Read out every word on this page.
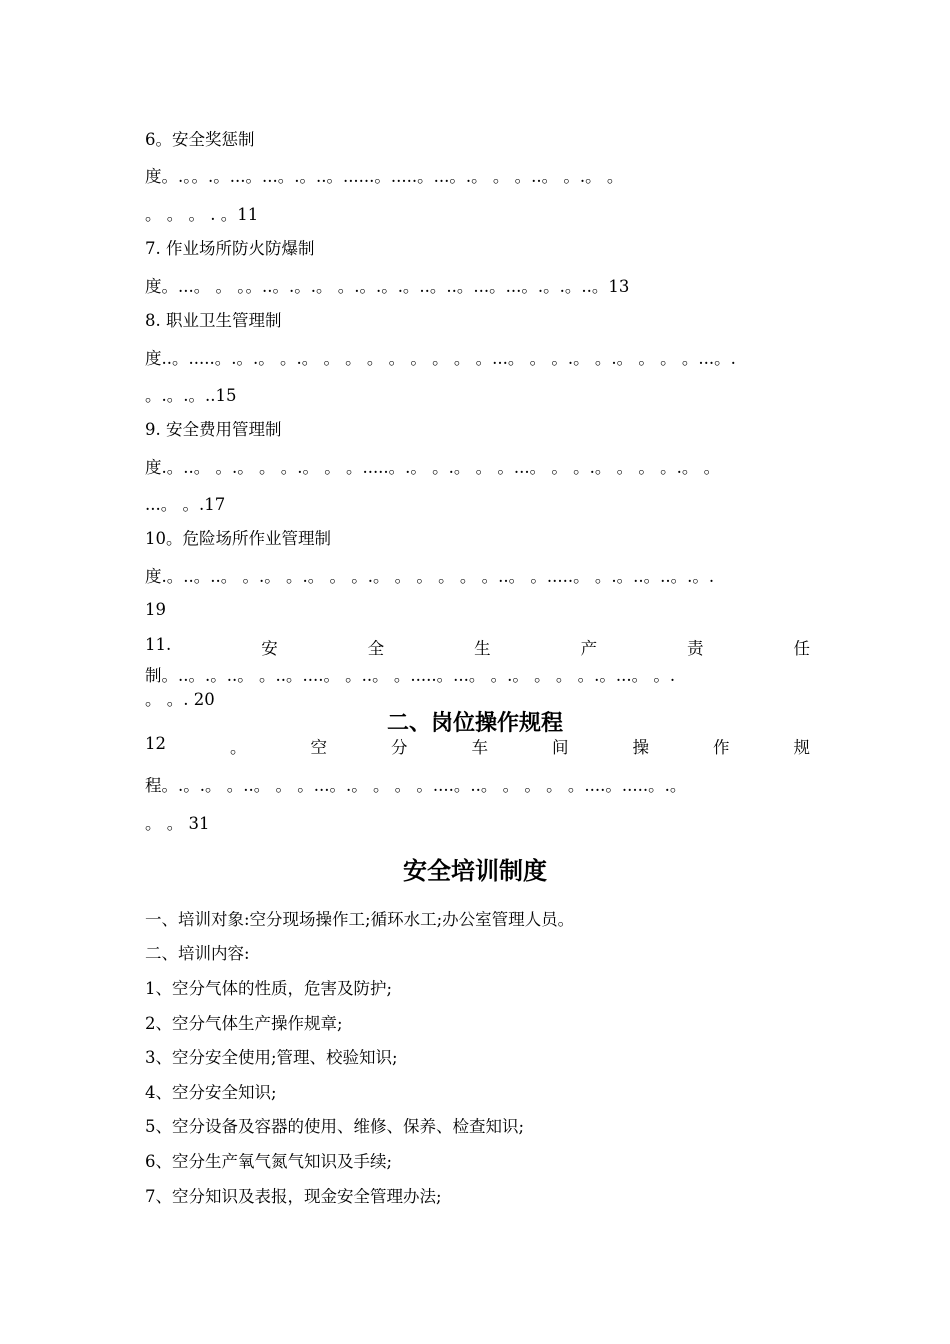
6。安全奖惩制
度。.。。.。...。...。.。..。......。.....。...。.。 。 。..。 。.。 。
。 。 。 . 。11
7. 作业场所防火防爆制
度。...。 。 。。..。.。.。 。.。.。.。..。..。...。...。.。.。..。13
8. 职业卫生管理制
度..。.....。.。.。 。.。 。 。 。 。 。 。 。 。...。 。 。.。 。.。 。 。 。...。.
。.。.。..15
9. 安全费用管理制
度.。..。 。.。 。 。.。 。 。.....。.。 。.。 。 。...。 。 。.。 。 。 。.。 。
...。 。.17
10。危险场所作业管理制
度.。..。..。 。.。 。.。 。 。.。 。 。 。 。 。..。 。.....。 。.。..。..。.。.
19
11.	安	全	生	产	责	任
制。..。.。..。 。..。....。 。..。 。.....。...。 。.。 。 。 。.。...。 。.
。 。. 20
二、岗位操作规程
12	。	空	分	车	间	操	作	规
程。.。.。 。..。 。 。...。.。 。 。 。....。..。 。 。 。 。....。.....。.。
。 。 31
安全培训制度
一、培训对象:空分现场操作工;循环水工;办公室管理人员。
二、培训内容:
1、空分气体的性质，危害及防护;
2、空分气体生产操作规章;
3、空分安全使用;管理、校验知识;
4、空分安全知识;
5、空分设备及容器的使用、维修、保养、检查知识;
6、空分生产氧气氮气知识及手续;
7、空分知识及表报，现金安全管理办法;
